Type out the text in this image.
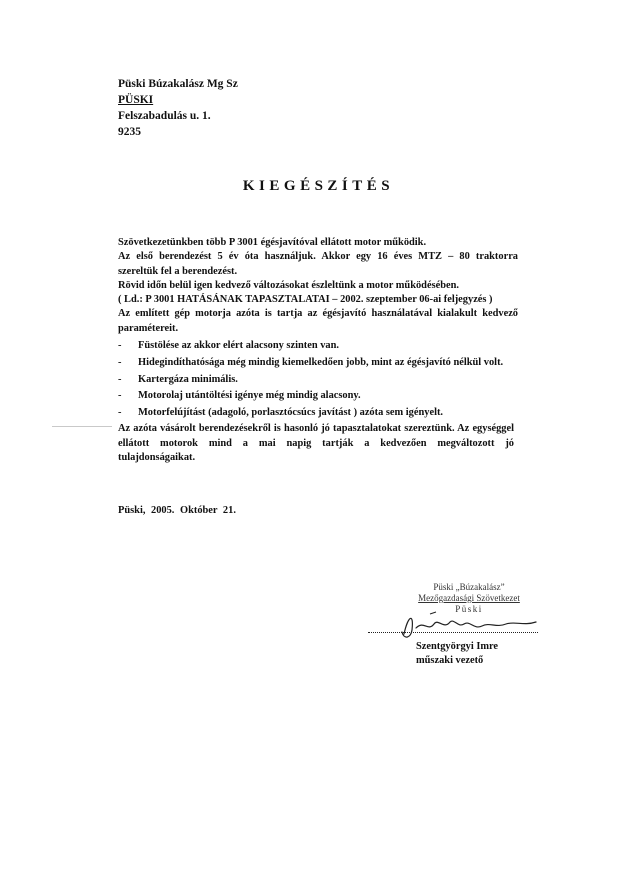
Püski Búzakalász Mg Sz
PÜSKI
Felszabadulás u. 1.
9235
KIEGÉSZÍTÉS

Szövetkezetünkben több P 3001 égésjavítóval ellátott motor működik.

Az első berendezést 5 év óta használjuk. Akkor egy 16 éves MTZ – 80 traktorra

szereltük fel a berendezést.

Rövid időn belül igen kedvező változásokat észleltünk a motor működésében.

( Ld.: P 3001 HATÁSÁNAK TAPASZTALATAI – 2002. szeptember 06-ai feljegyzés )

Az említett gép motorja azóta is tartja az égésjavító használatával kialakult kedvező

paramétereit.

- Füstölése az akkor elért alacsony szinten van.
- Hidegindíthatósága még mindig kiemelkedően jobb, mint az égésjavító nélkül volt.
- Kartergáza minimális.
- Motorolaj utántöltési igénye még mindig alacsony.
- Motorfelújítást (adagoló, porlasztócsúcs javítást ) azóta sem igényelt.

Az azóta vásárolt berendezésekről is hasonló jó tapasztalatokat szereztünk. Az egységgel

ellátott motorok mind a mai napig tartják a kedvezően megváltozott jó

tulajdonságaikat.

Püski, 2005. Október 21.
Püski „Búzakalász”
Mezőgazdasági Szövetkezet
Püski
Szentgyörgyi Imre
műszaki vezető
